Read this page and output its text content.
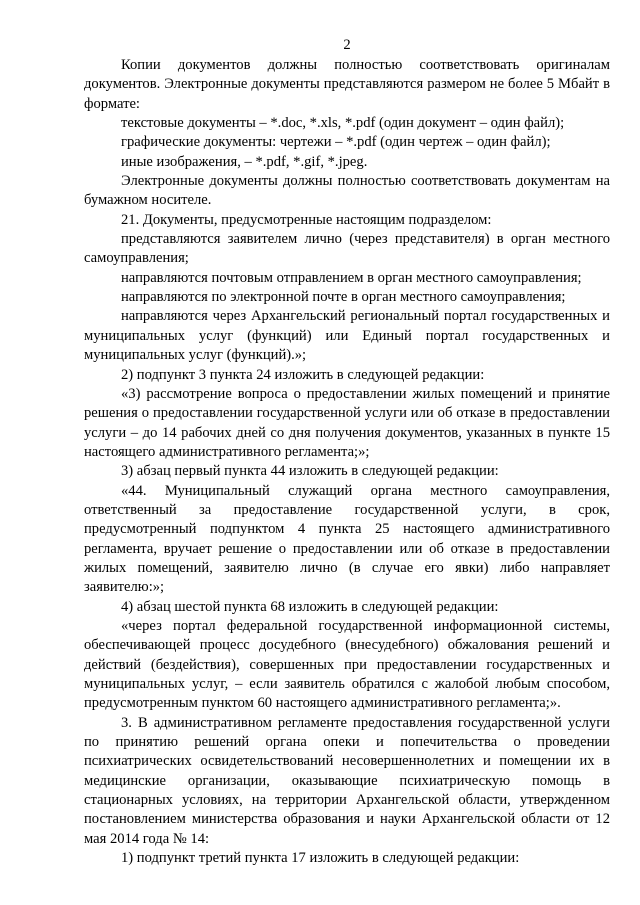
2

Копии документов должны полностью соответствовать оригиналам документов. Электронные документы представляются размером не более 5 Мбайт в формате:

текстовые документы – *.doc, *.xls, *.pdf (один документ – один файл);

графические документы: чертежи – *.pdf (один чертеж – один файл);

иные изображения, – *.pdf, *.gif, *.jpeg.

Электронные документы должны полностью соответствовать документам на бумажном носителе.

21. Документы, предусмотренные настоящим подразделом:

представляются заявителем лично (через представителя) в орган местного самоуправления;

направляются почтовым отправлением в орган местного самоуправления;

направляются по электронной почте в орган местного самоуправления;

направляются через Архангельский региональный портал государственных и муниципальных услуг (функций) или Единый портал государственных и муниципальных услуг (функций).»;

2) подпункт 3 пункта 24 изложить в следующей редакции:

«3) рассмотрение вопроса о предоставлении жилых помещений и принятие решения о предоставлении государственной услуги или об отказе в предоставлении услуги – до 14 рабочих дней со дня получения документов, указанных в пункте 15 настоящего административного регламента;»;

3) абзац первый пункта 44 изложить в следующей редакции:

«44. Муниципальный служащий органа местного самоуправления, ответственный за предоставление государственной услуги, в срок, предусмотренный подпунктом 4 пункта 25 настоящего административного регламента, вручает решение о предоставлении или об отказе в предоставлении жилых помещений, заявителю лично (в случае его явки) либо направляет заявителю:»;

4) абзац шестой пункта 68 изложить в следующей редакции:

«через портал федеральной государственной информационной системы, обеспечивающей процесс досудебного (внесудебного) обжалования решений и действий (бездействия), совершенных при предоставлении государственных и муниципальных услуг, – если заявитель обратился с жалобой любым способом, предусмотренным пунктом 60 настоящего административного регламента;».

3. В административном регламенте предоставления государственной услуги по принятию решений органа опеки и попечительства о проведении психиатрических освидетельствований несовершеннолетних и помещении их в медицинские организации, оказывающие психиатрическую помощь в стационарных условиях, на территории Архангельской области, утвержденном постановлением министерства образования и науки Архангельской области от 12 мая 2014 года № 14:

1) подпункт третий пункта 17 изложить в следующей редакции:
